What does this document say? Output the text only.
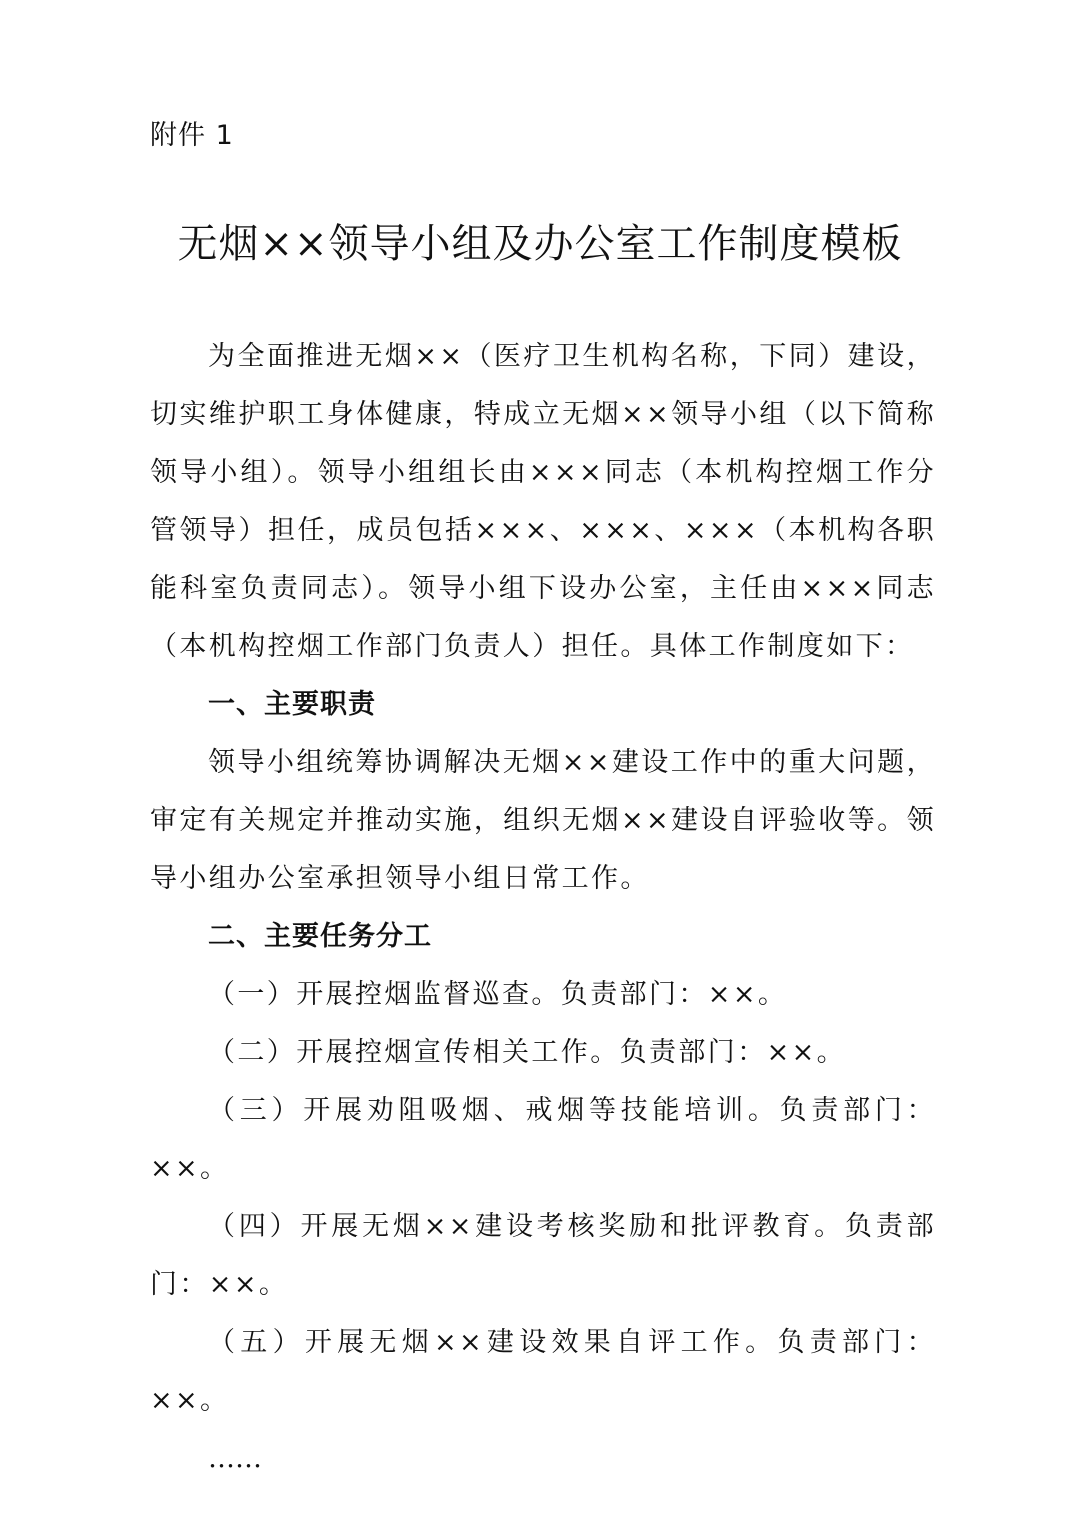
附件 1
无烟××领导小组及办公室工作制度模板

为全面推进无烟××（医疗卫生机构名称，下同）建设，切实维护职工身体健康，特成立无烟××领导小组（以下简称领导小组）。领导小组组长由×××同志（本机构控烟工作分管领导）担任，成员包括×××、×××、×××（本机构各职能科室负责同志）。领导小组下设办公室，主任由×××同志（本机构控烟工作部门负责人）担任。具体工作制度如下：

一、主要职责

领导小组统筹协调解决无烟××建设工作中的重大问题，审定有关规定并推动实施，组织无烟××建设自评验收等。领导小组办公室承担领导小组日常工作。

二、主要任务分工

（一）开展控烟监督巡查。负责部门：××。

（二）开展控烟宣传相关工作。负责部门：××。

（三）开展劝阻吸烟、戒烟等技能培训。负责部门：××。

（四）开展无烟××建设考核奖励和批评教育。负责部门：××。

（五）开展无烟××建设效果自评工作。负责部门：××。

……
